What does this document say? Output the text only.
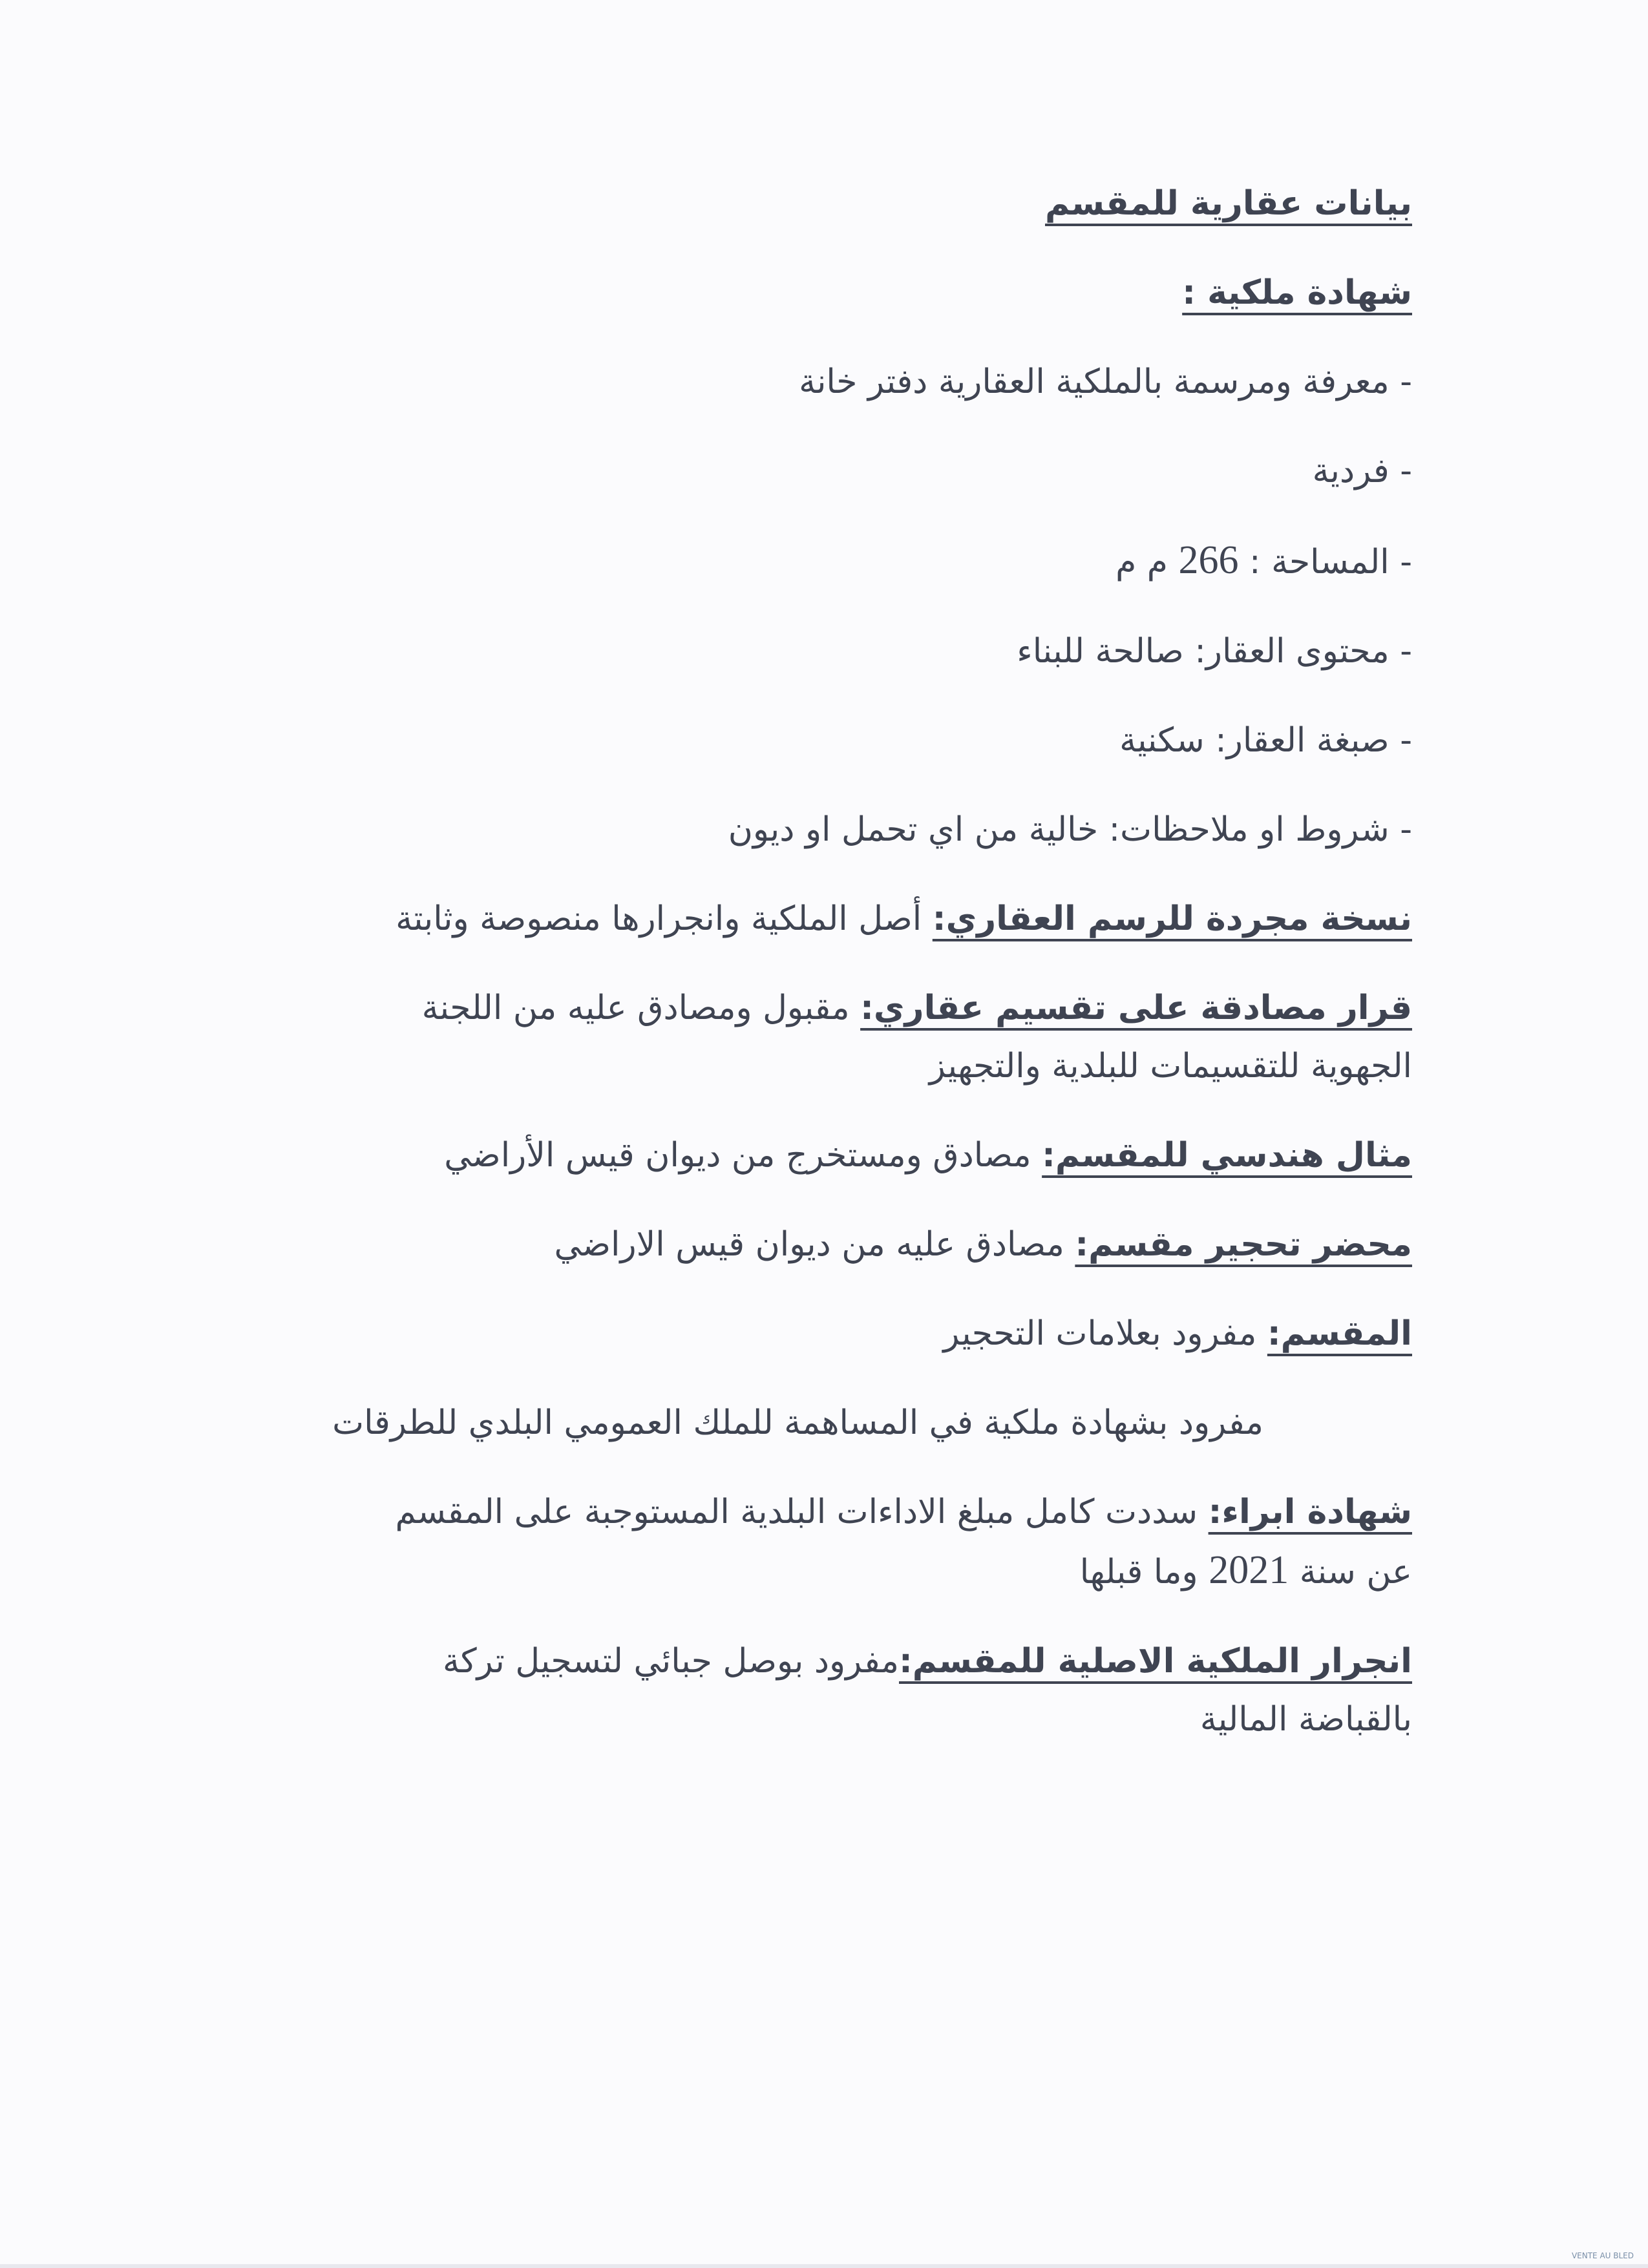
بيانات عقارية للمقسم
شهادة ملكية :
- معرفة ومرسمة بالملكية العقارية دفتر خانة
- فردية
- المساحة : 266 م م
- محتوى العقار: صالحة للبناء
- صبغة العقار: سكنية
- شروط او ملاحظات: خالية من اي تحمل او ديون
نسخة مجردة للرسم العقاري: أصل الملكية وانجرارها منصوصة وثابتة
قرار مصادقة على تقسيم عقاري: مقبول ومصادق عليه من اللجنة
الجهوية للتقسيمات للبلدية والتجهيز
مثال هندسي للمقسم: مصادق ومستخرج من ديوان قيس الأراضي
محضر تحجير مقسم: مصادق عليه من ديوان قيس الاراضي
المقسم: مفرود بعلامات التحجير
مفرود بشهادة ملكية في المساهمة للملك العمومي البلدي للطرقات
شهادة ابراء: سددت كامل مبلغ الاداءات البلدية المستوجبة على المقسم
عن سنة 2021 وما قبلها
انجرار الملكية الاصلية للمقسم:مفرود بوصل جبائي لتسجيل تركة
بالقباضة المالية
VENTE AU BLED
